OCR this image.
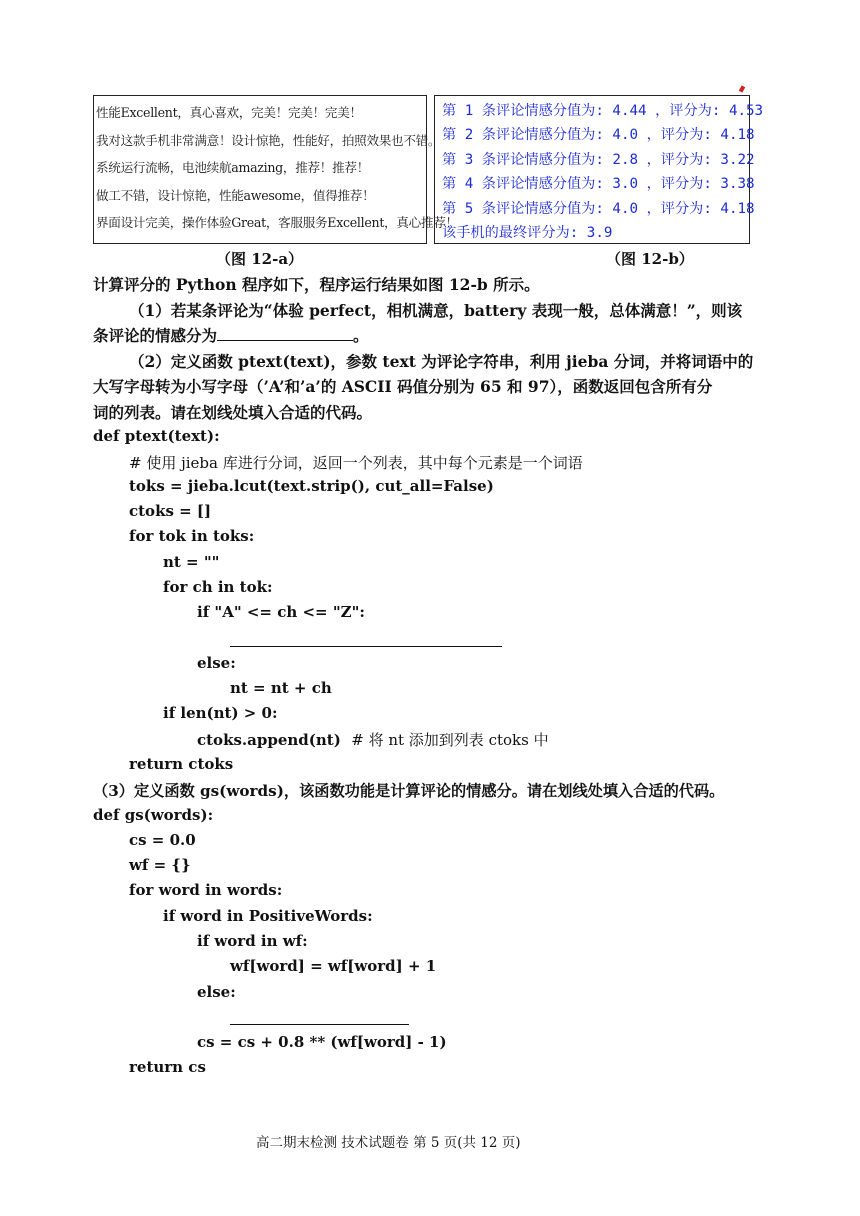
性能Excellent，真心喜欢，完美！完美！完美！
我对这款手机非常满意！设计惊艳，性能好，拍照效果也不错。
系统运行流畅，电池续航amazing，推荐！推荐！
做工不错，设计惊艳，性能awesome，值得推荐！
界面设计完美，操作体验Great，客服服务Excellent，真心推荐！
第 1 条评论情感分值为: 4.44 ，评分为: 4.53
第 2 条评论情感分值为: 4.0 ，评分为: 4.18
第 3 条评论情感分值为: 2.8 ，评分为: 3.22
第 4 条评论情感分值为: 3.0 ，评分为: 3.38
第 5 条评论情感分值为: 4.0 ，评分为: 4.18
该手机的最终评分为: 3.9
（图 12-a）	（图 12-b）
计算评分的 Python 程序如下，程序运行结果如图 12-b 所示。
（1）若某条评论为“体验 perfect，相机满意，battery 表现一般，总体满意！”，则该
条评论的情感分为	。
（2）定义函数 ptext(text)，参数 text 为评论字符串，利用 jieba 分词，并将词语中的
大写字母转为小写字母（’A’和’a’的 ASCII 码值分别为 65 和 97），函数返回包含所有分
词的列表。请在划线处填入合适的代码。
def ptext(text):
# 使用 jieba 库进行分词，返回一个列表，其中每个元素是一个词语
toks = jieba.lcut(text.strip(), cut_all=False)
ctoks = []
for tok in toks:
nt = ""
for ch in tok:
if "A" <= ch <= "Z":
else:
nt = nt + ch
if len(nt) > 0:
ctoks.append(nt) # 将 nt 添加到列表 ctoks 中
return ctoks
（3）定义函数 gs(words)，该函数功能是计算评论的情感分。请在划线处填入合适的代码。
def gs(words):
cs = 0.0
wf = {}
for word in words:
if word in PositiveWords:
if word in wf:
wf[word] = wf[word] + 1
else:
cs = cs + 0.8 ** (wf[word] - 1)
return cs
高二期末检测 技术试题卷 第 5 页(共 12 页)
